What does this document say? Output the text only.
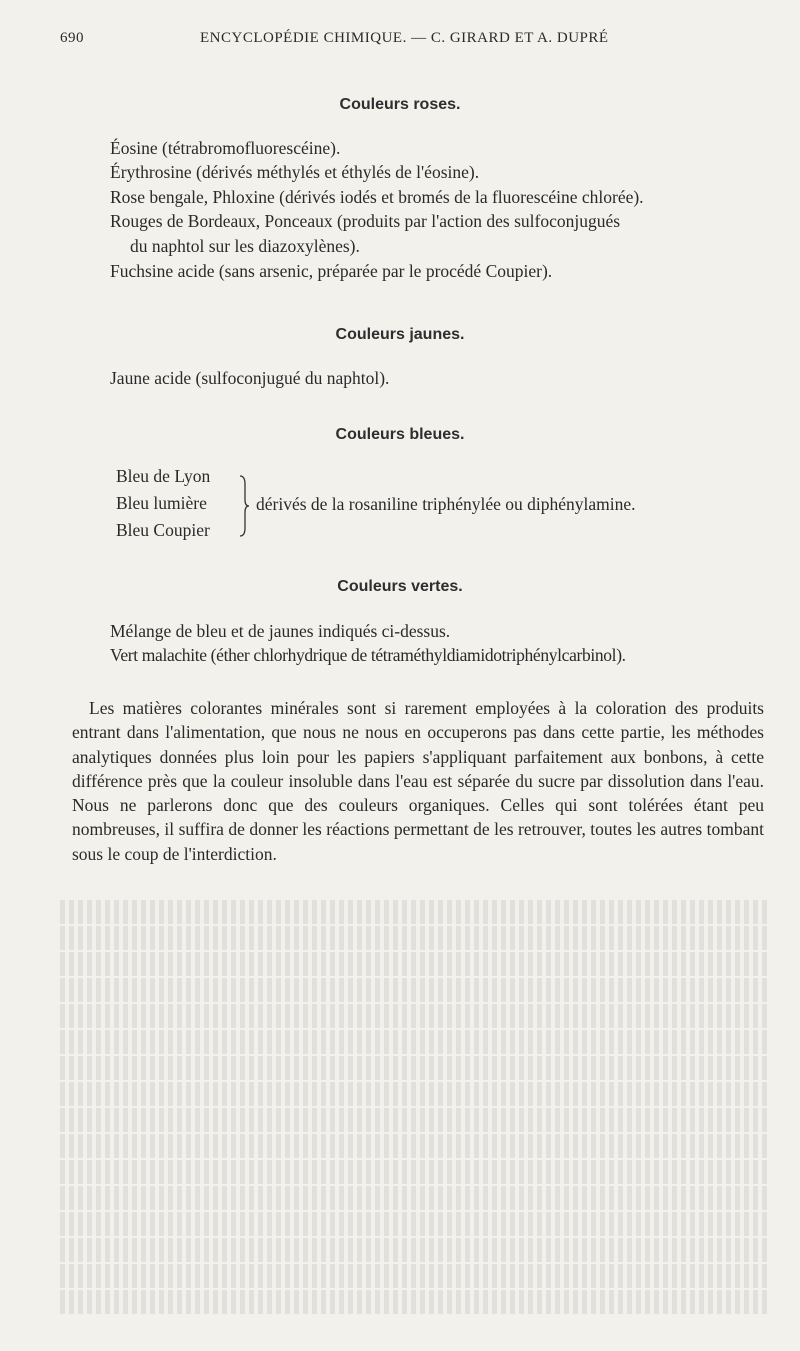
690	ENCYCLOPÉDIE CHIMIQUE. — C. GIRARD ET A. DUPRÉ
Couleurs roses.
Éosine (tétrabromofluorescéine).
Érythrosine (dérivés méthylés et éthylés de l'éosine).
Rose bengale, Phloxine (dérivés iodés et bromés de la fluorescéine chlorée).
Rouges de Bordeaux, Ponceaux (produits par l'action des sulfoconjugués
du naphtol sur les diazoxylènes).
Fuchsine acide (sans arsenic, préparée par le procédé Coupier).
Couleurs jaunes.
Jaune acide (sulfoconjugué du naphtol).
Couleurs bleues.
Bleu de Lyon
Bleu lumière
Bleu Coupier
dérivés de la rosaniline triphénylée ou diphénylamine.
Couleurs vertes.
Mélange de bleu et de jaunes indiqués ci-dessus.
Vert malachite (éther chlorhydrique de tétraméthyldiamidotriphénylcarbinol).
Les matières colorantes minérales sont si rarement employées à la coloration des produits entrant dans l'alimentation, que nous ne nous en occuperons pas dans cette partie, les méthodes analytiques données plus loin pour les papiers s'appliquant parfaitement aux bonbons, à cette différence près que la couleur insoluble dans l'eau est séparée du sucre par dissolution dans l'eau. Nous ne parlerons donc que des couleurs organiques. Celles qui sont tolérées étant peu nombreuses, il suffira de donner les réactions permettant de les retrouver, toutes les autres tombant sous le coup de l'interdiction.
